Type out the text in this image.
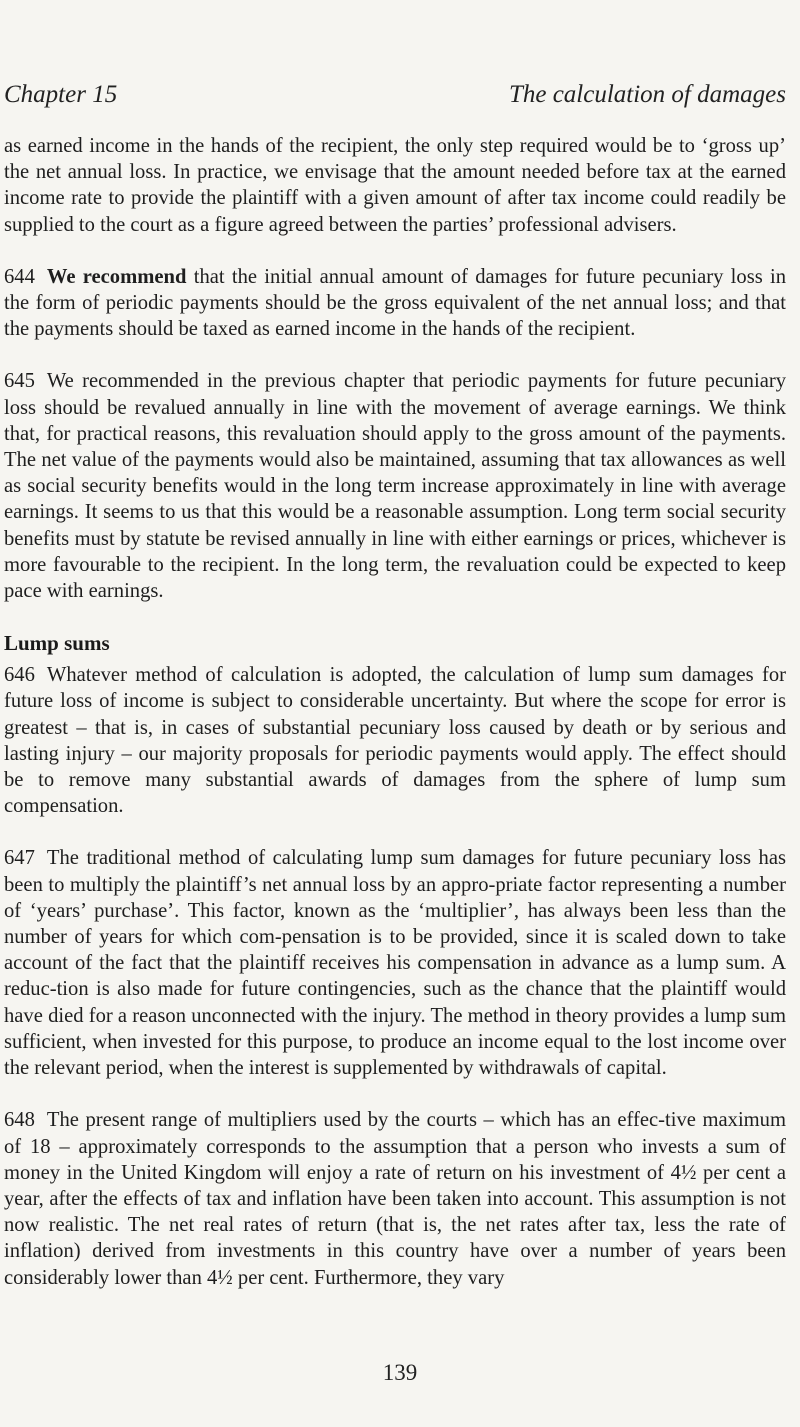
Chapter 15	The calculation of damages

as earned income in the hands of the recipient, the only step required would be to ‘gross up’ the net annual loss. In practice, we envisage that the amount needed before tax at the earned income rate to provide the plaintiff with a given amount of after tax income could readily be supplied to the court as a figure agreed between the parties’ professional advisers.

644 We recommend that the initial annual amount of damages for future pecuniary loss in the form of periodic payments should be the gross equivalent of the net annual loss; and that the payments should be taxed as earned income in the hands of the recipient.

645 We recommended in the previous chapter that periodic payments for future pecuniary loss should be revalued annually in line with the movement of average earnings. We think that, for practical reasons, this revaluation should apply to the gross amount of the payments. The net value of the payments would also be maintained, assuming that tax allowances as well as social security benefits would in the long term increase approximately in line with average earnings. It seems to us that this would be a reasonable assumption. Long term social security benefits must by statute be revised annually in line with either earnings or prices, whichever is more favourable to the recipient. In the long term, the revaluation could be expected to keep pace with earnings.

Lump sums

646 Whatever method of calculation is adopted, the calculation of lump sum damages for future loss of income is subject to considerable uncertainty. But where the scope for error is greatest – that is, in cases of substantial pecuniary loss caused by death or by serious and lasting injury – our majority proposals for periodic payments would apply. The effect should be to remove many substantial awards of damages from the sphere of lump sum compensation.

647 The traditional method of calculating lump sum damages for future pecuniary loss has been to multiply the plaintiff’s net annual loss by an appro-priate factor representing a number of ‘years’ purchase’. This factor, known as the ‘multiplier’, has always been less than the number of years for which com-pensation is to be provided, since it is scaled down to take account of the fact that the plaintiff receives his compensation in advance as a lump sum. A reduc-tion is also made for future contingencies, such as the chance that the plaintiff would have died for a reason unconnected with the injury. The method in theory provides a lump sum sufficient, when invested for this purpose, to produce an income equal to the lost income over the relevant period, when the interest is supplemented by withdrawals of capital.

648 The present range of multipliers used by the courts – which has an effec-tive maximum of 18 – approximately corresponds to the assumption that a person who invests a sum of money in the United Kingdom will enjoy a rate of return on his investment of 4½ per cent a year, after the effects of tax and inflation have been taken into account. This assumption is not now realistic. The net real rates of return (that is, the net rates after tax, less the rate of inflation) derived from investments in this country have over a number of years been considerably lower than 4½ per cent. Furthermore, they vary

139
